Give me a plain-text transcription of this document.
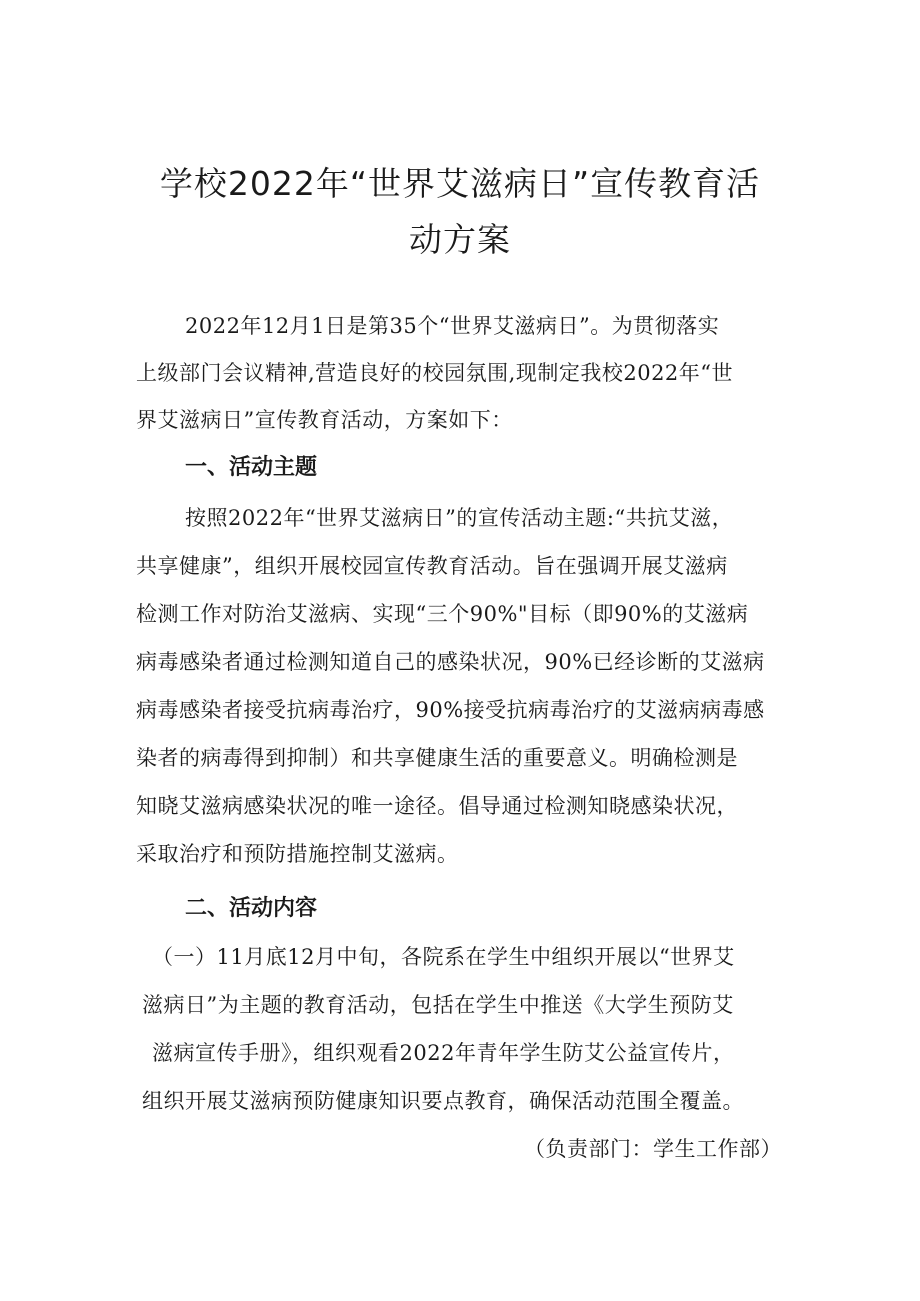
学校2022年“世界艾滋病日”宣传教育活
动方案
2022年12月1日是第35个“世界艾滋病日”。为贯彻落实
上级部门会议精神,营造良好的校园氛围,现制定我校2022年“世
界艾滋病日”宣传教育活动，方案如下：
一、活动主题
按照2022年“世界艾滋病日”的宣传活动主题:“共抗艾滋，
共享健康”，组织开展校园宣传教育活动。旨在强调开展艾滋病
检测工作对防治艾滋病、实现“三个90%"目标（即90%的艾滋病
病毒感染者通过检测知道自己的感染状况，90%已经诊断的艾滋病
病毒感染者接受抗病毒治疗，90%接受抗病毒治疗的艾滋病病毒感
染者的病毒得到抑制）和共享健康生活的重要意义。明确检测是
知晓艾滋病感染状况的唯一途径。倡导通过检测知晓感染状况，
采取治疗和预防措施控制艾滋病。
二、活动内容
（一）11月底12月中旬，各院系在学生中组织开展以“世界艾
滋病日”为主题的教育活动，包括在学生中推送《大学生预防艾
滋病宣传手册》，组织观看2022年青年学生防艾公益宣传片，
组织开展艾滋病预防健康知识要点教育，确保活动范围全覆盖。
（负责部门：学生工作部）
